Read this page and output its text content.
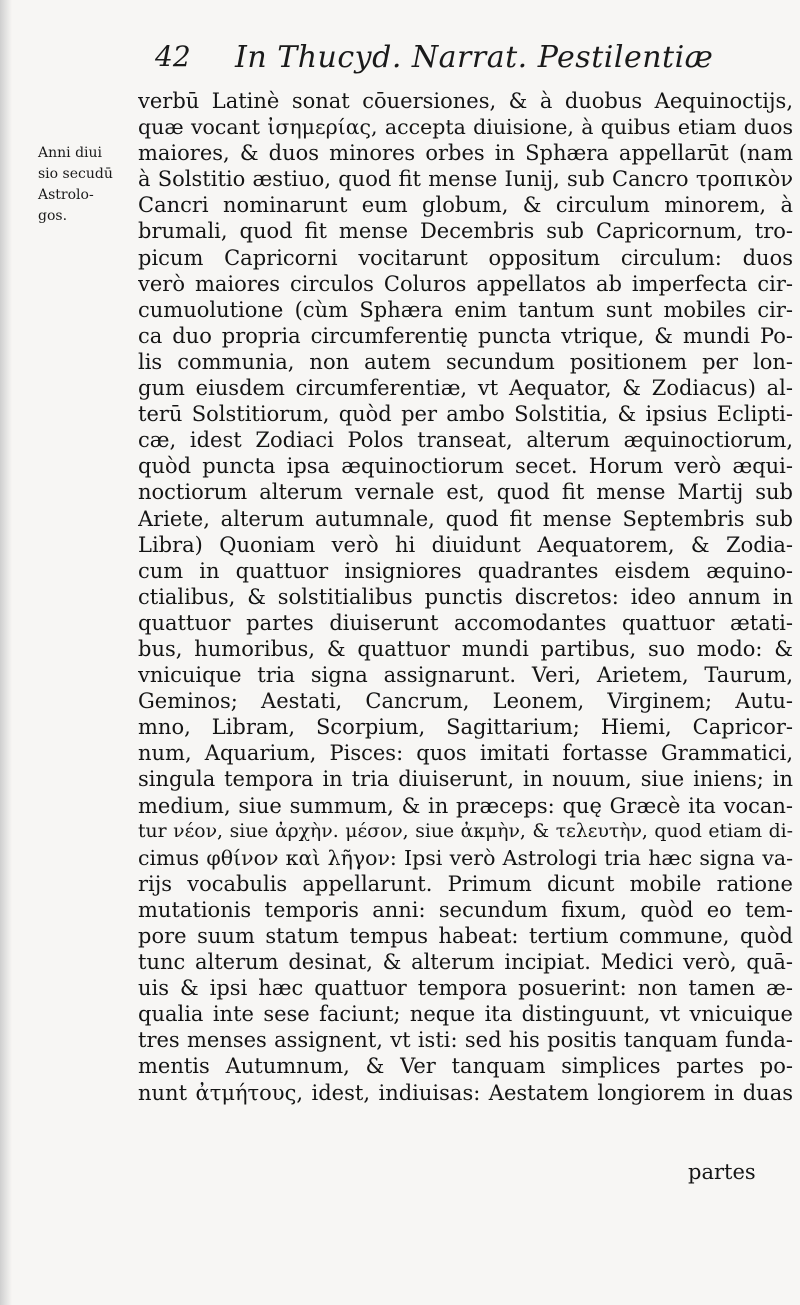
42 In Thucyd. Narrat. Pestilentiæ
Anni diui
sio secudū
Astrolo-
gos.
verbū Latinè sonat cōuersiones, & à duobus Aequinoctijs,
quæ vocant ἰσημερίας, accepta diuisione, à quibus etiam duos
maiores, & duos minores orbes in Sphæra appellarūt (nam
à Solstitio æstiuo, quod fit mense Iunij, sub Cancro τροπικὸν
Cancri nominarunt eum globum, & circulum minorem, à
brumali, quod fit mense Decembris sub Capricornum, tro-
picum Capricorni vocitarunt oppositum circulum: duos
verò maiores circulos Coluros appellatos ab imperfecta cir-
cumuolutione (cùm Sphæra enim tantum sunt mobiles cir-
ca duo propria circumferentię puncta vtrique, & mundi Po-
lis communia, non autem secundum positionem per lon-
gum eiusdem circumferentiæ, vt Aequator, & Zodiacus) al-
terū Solstitiorum, quòd per ambo Solstitia, & ipsius Eclipti-
cæ, idest Zodiaci Polos transeat, alterum æquinoctiorum,
quòd puncta ipsa æquinoctiorum secet. Horum verò æqui-
noctiorum alterum vernale est, quod fit mense Martij sub
Ariete, alterum autumnale, quod fit mense Septembris sub
Libra) Quoniam verò hi diuidunt Aequatorem, & Zodia-
cum in quattuor insigniores quadrantes eisdem æquino-
ctialibus, & solstitialibus punctis discretos: ideo annum in
quattuor partes diuiserunt accomodantes quattuor ætati-
bus, humoribus, & quattuor mundi partibus, suo modo: &
vnicuique tria signa assignarunt. Veri, Arietem, Taurum,
Geminos; Aestati, Cancrum, Leonem, Virginem; Autu-
mno, Libram, Scorpium, Sagittarium; Hiemi, Capricor-
num, Aquarium, Pisces: quos imitati fortasse Grammatici,
singula tempora in tria diuiserunt, in nouum, siue iniens; in
medium, siue summum, & in præceps: quę Græcè ita vocan-
tur νέον, siue ἀρχὴν. μέσον, siue ἀκμὴν, & τελευτὴν, quod etiam di-
cimus φθίνον καὶ λῆγον: Ipsi verò Astrologi tria hæc signa va-
rijs vocabulis appellarunt. Primum dicunt mobile ratione
mutationis temporis anni: secundum fixum, quòd eo tem-
pore suum statum tempus habeat: tertium commune, quòd
tunc alterum desinat, & alterum incipiat. Medici verò, quā-
uis & ipsi hæc quattuor tempora posuerint: non tamen æ-
qualia inte sese faciunt; neque ita distinguunt, vt vnicuique
tres menses assignent, vt isti: sed his positis tanquam funda-
mentis Autumnum, & Ver tanquam simplices partes po-
nunt ἀτμήτους, idest, indiuisas: Aestatem longiorem in duas
partes
